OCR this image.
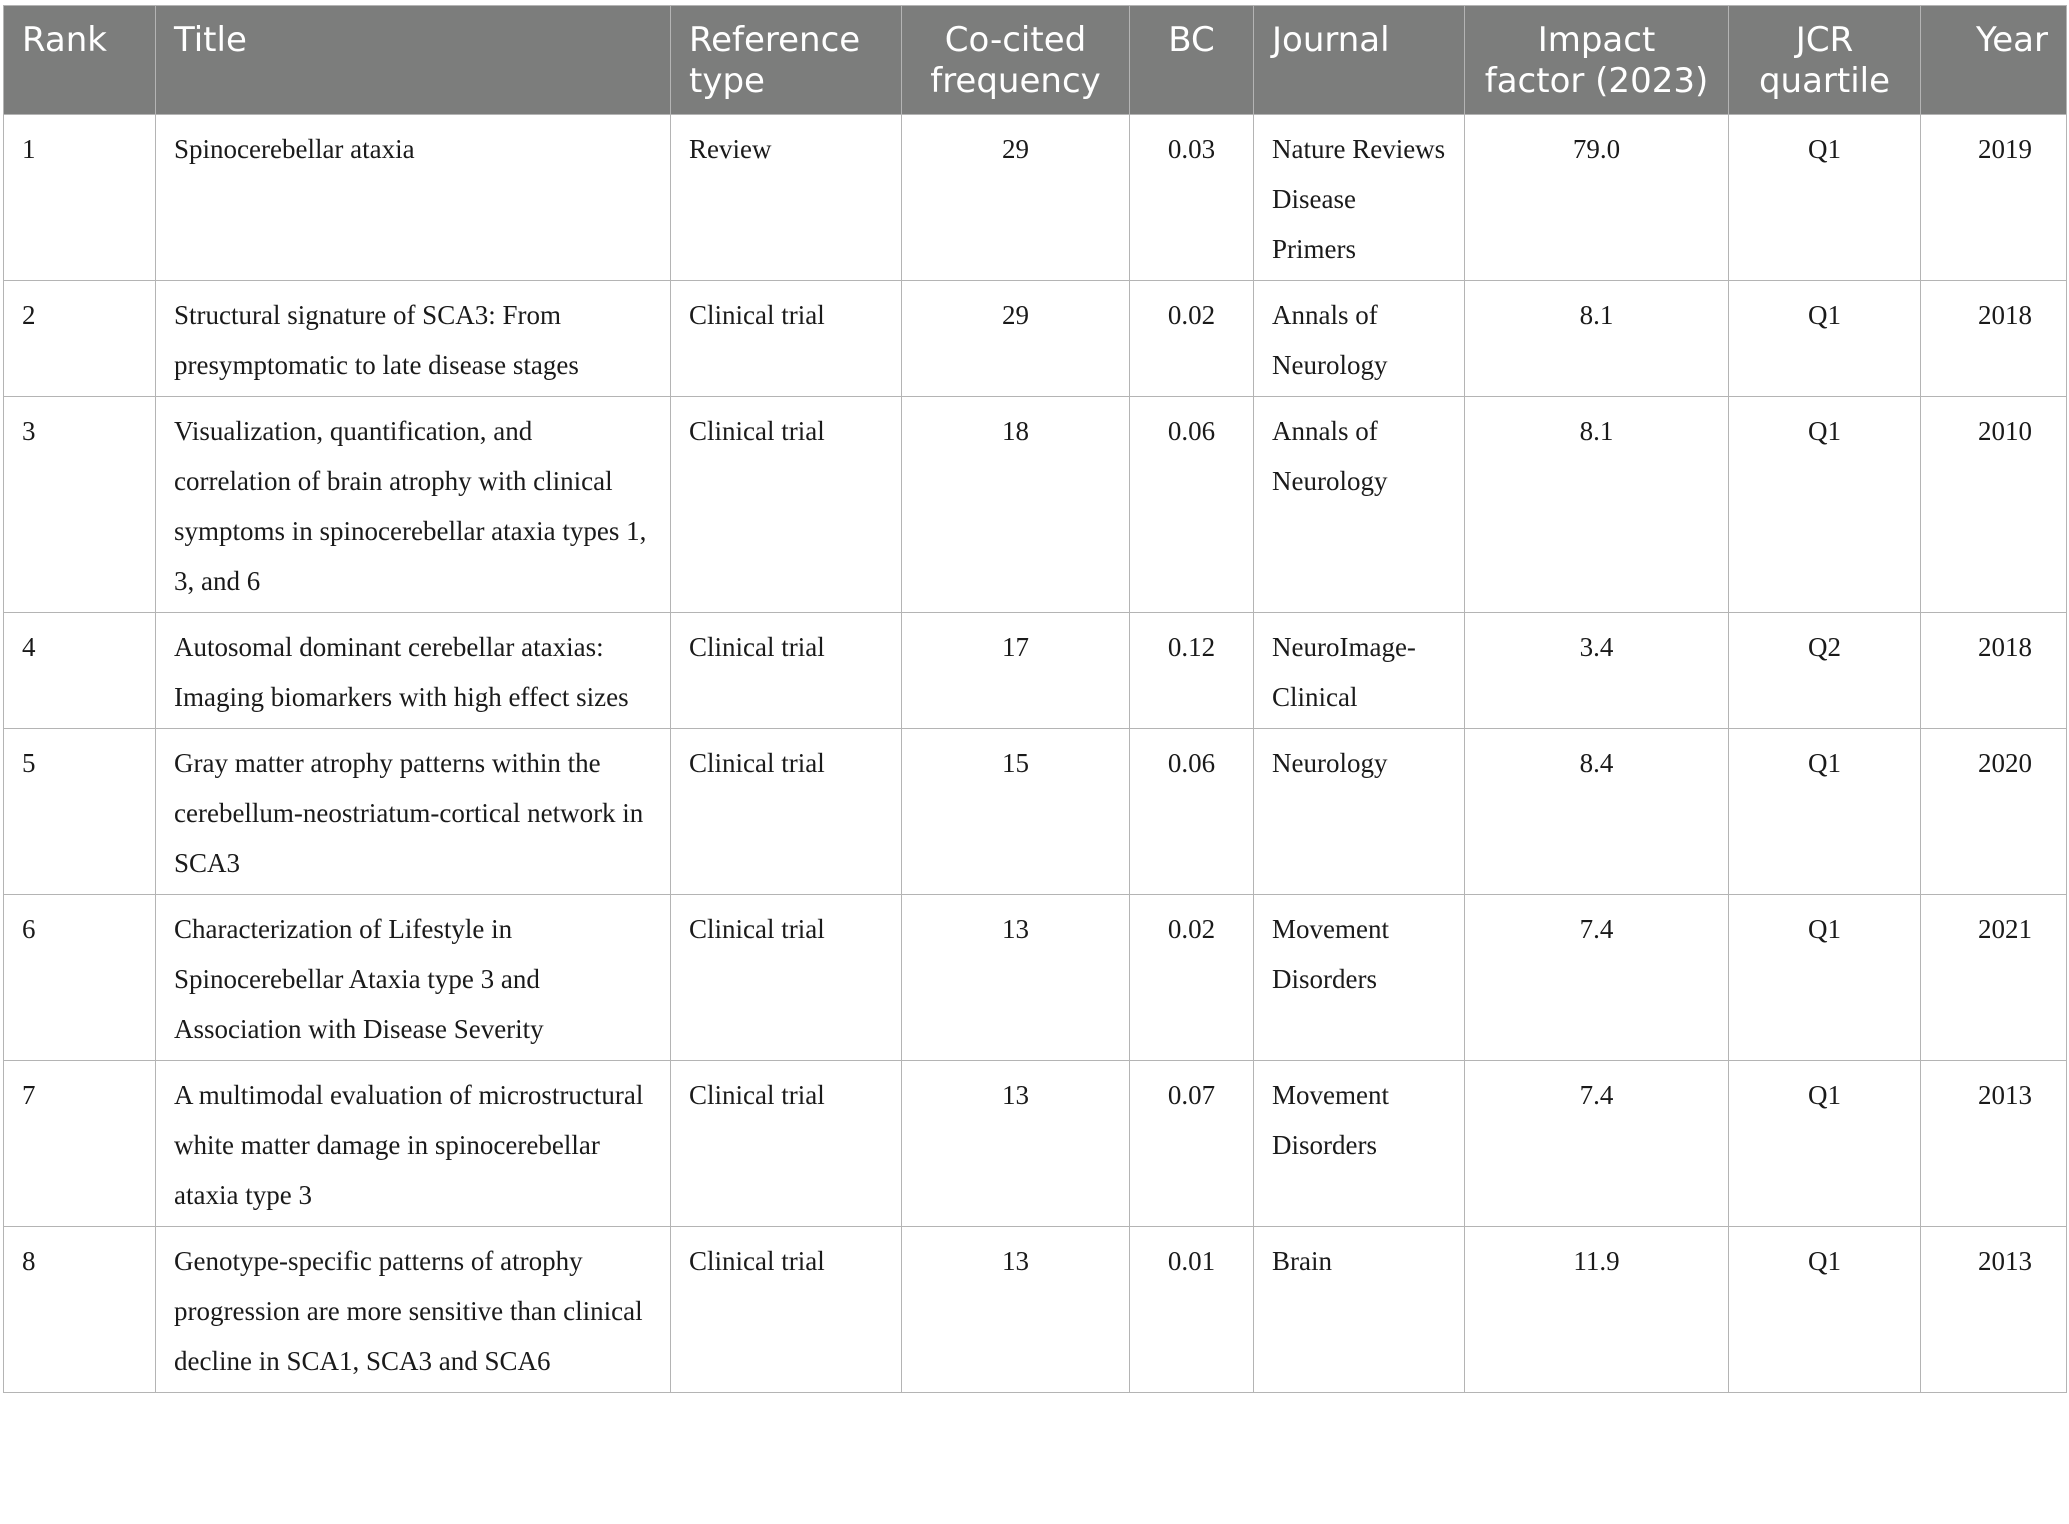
Rank	Title	Reference type	Co-cited frequency	BC	Journal	Impact factor (2023)	JCR quartile	Year
1	Spinocerebellar ataxia	Review	29	0.03	Nature Reviews Disease Primers	79.0	Q1	2019
2	Structural signature of SCA3: From presymptomatic to late disease stages	Clinical trial	29	0.02	Annals of Neurology	8.1	Q1	2018
3	Visualization, quantification, and correlation of brain atrophy with clinical symptoms in spinocerebellar ataxia types 1, 3, and 6	Clinical trial	18	0.06	Annals of Neurology	8.1	Q1	2010
4	Autosomal dominant cerebellar ataxias: Imaging biomarkers with high effect sizes	Clinical trial	17	0.12	NeuroImage-Clinical	3.4	Q2	2018
5	Gray matter atrophy patterns within the cerebellum-neostriatum-cortical network in SCA3	Clinical trial	15	0.06	Neurology	8.4	Q1	2020
6	Characterization of Lifestyle in Spinocerebellar Ataxia type 3 and Association with Disease Severity	Clinical trial	13	0.02	Movement Disorders	7.4	Q1	2021
7	A multimodal evaluation of microstructural white matter damage in spinocerebellar ataxia type 3	Clinical trial	13	0.07	Movement Disorders	7.4	Q1	2013
8	Genotype-specific patterns of atrophy progression are more sensitive than clinical decline in SCA1, SCA3 and SCA6	Clinical trial	13	0.01	Brain	11.9	Q1	2013
